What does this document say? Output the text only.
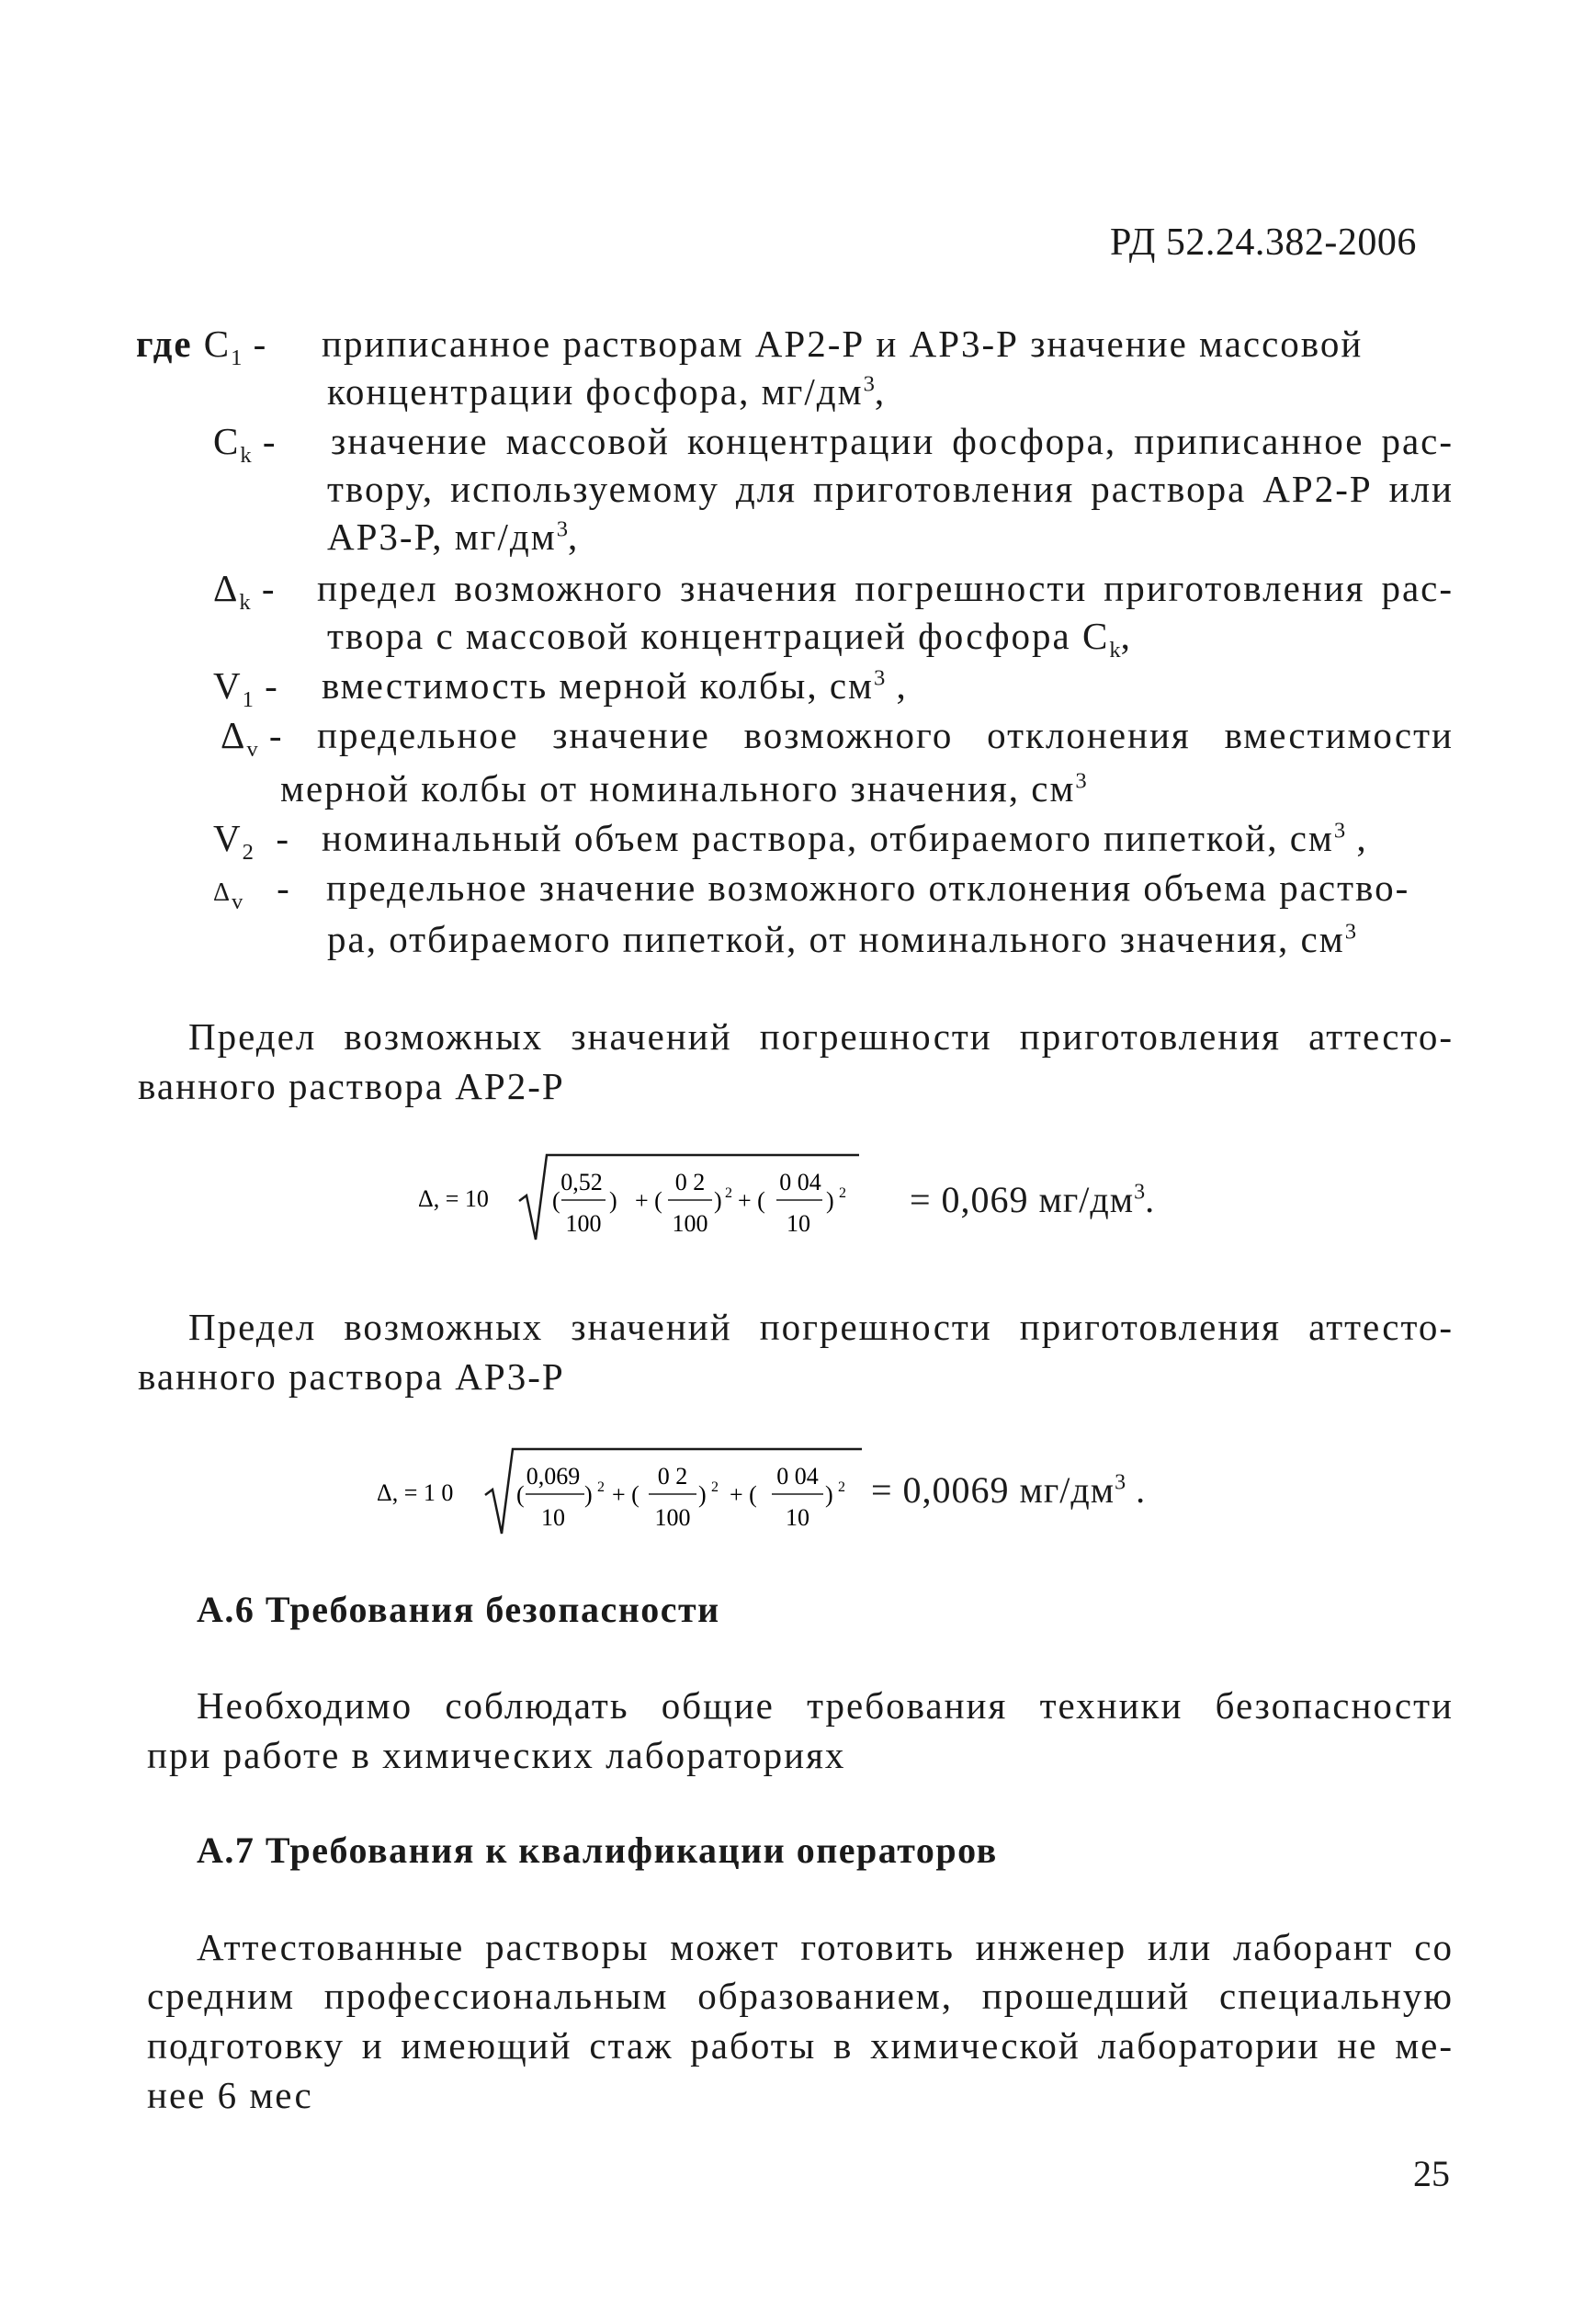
РД 52.24.382-2006
где $C_1$ - приписанное растворам АР2-Р и АР3-Р значение массовой
концентрации фосфора, $мг/дм^3$,
$C_k$ - значение массовой концентрации фосфора, приписанное рас-
твору, используемому для приготовления раствора АР2-Р или
АР3-Р, $мг/дм^3$,
$\Delta_k$ - предел возможного значения погрешности приготовления рас-
твора с массовой концентрацией фосфора $C_k$,
$V_1$ - вместимость мерной колбы, $см^3$ ,
$\Delta_v$ - предельное значение возможного отклонения вместимости
мерной колбы от номинального значения, $см^3$
$V_2$ - номинальный объем раствора, отбираемого пипеткой, $см^3$ ,
$\Delta_v$ - предельное значение возможного отклонения объема раство-
ра, отбираемого пипеткой, от номинального значения, $см^3$
Предел возможных значений погрешности приготовления аттесто-
ванного раствора АР2-Р
Δ, = 10	(
0,52
100
) + (
0 2
100
) 2 + (
0 04
10
) 2 = 0,069 $мг/дм^3$.
Предел возможных значений погрешности приготовления аттесто-
ванного раствора АР3-Р
Δ, = 1 0	(
0,069
10
) 2 + (
0 2
100
) 2 + (
0 04
10
) 2 = 0,0069 $мг/дм^3$ .
А.6 Требования безопасности
Необходимо соблюдать общие требования техники безопасности
при работе в химических лабораториях
А.7 Требования к квалификации операторов
Аттестованные растворы может готовить инженер или лаборант со
средним профессиональным образованием, прошедший специальную
подготовку и имеющий стаж работы в химической лаборатории не ме-
нее 6 мес
25
